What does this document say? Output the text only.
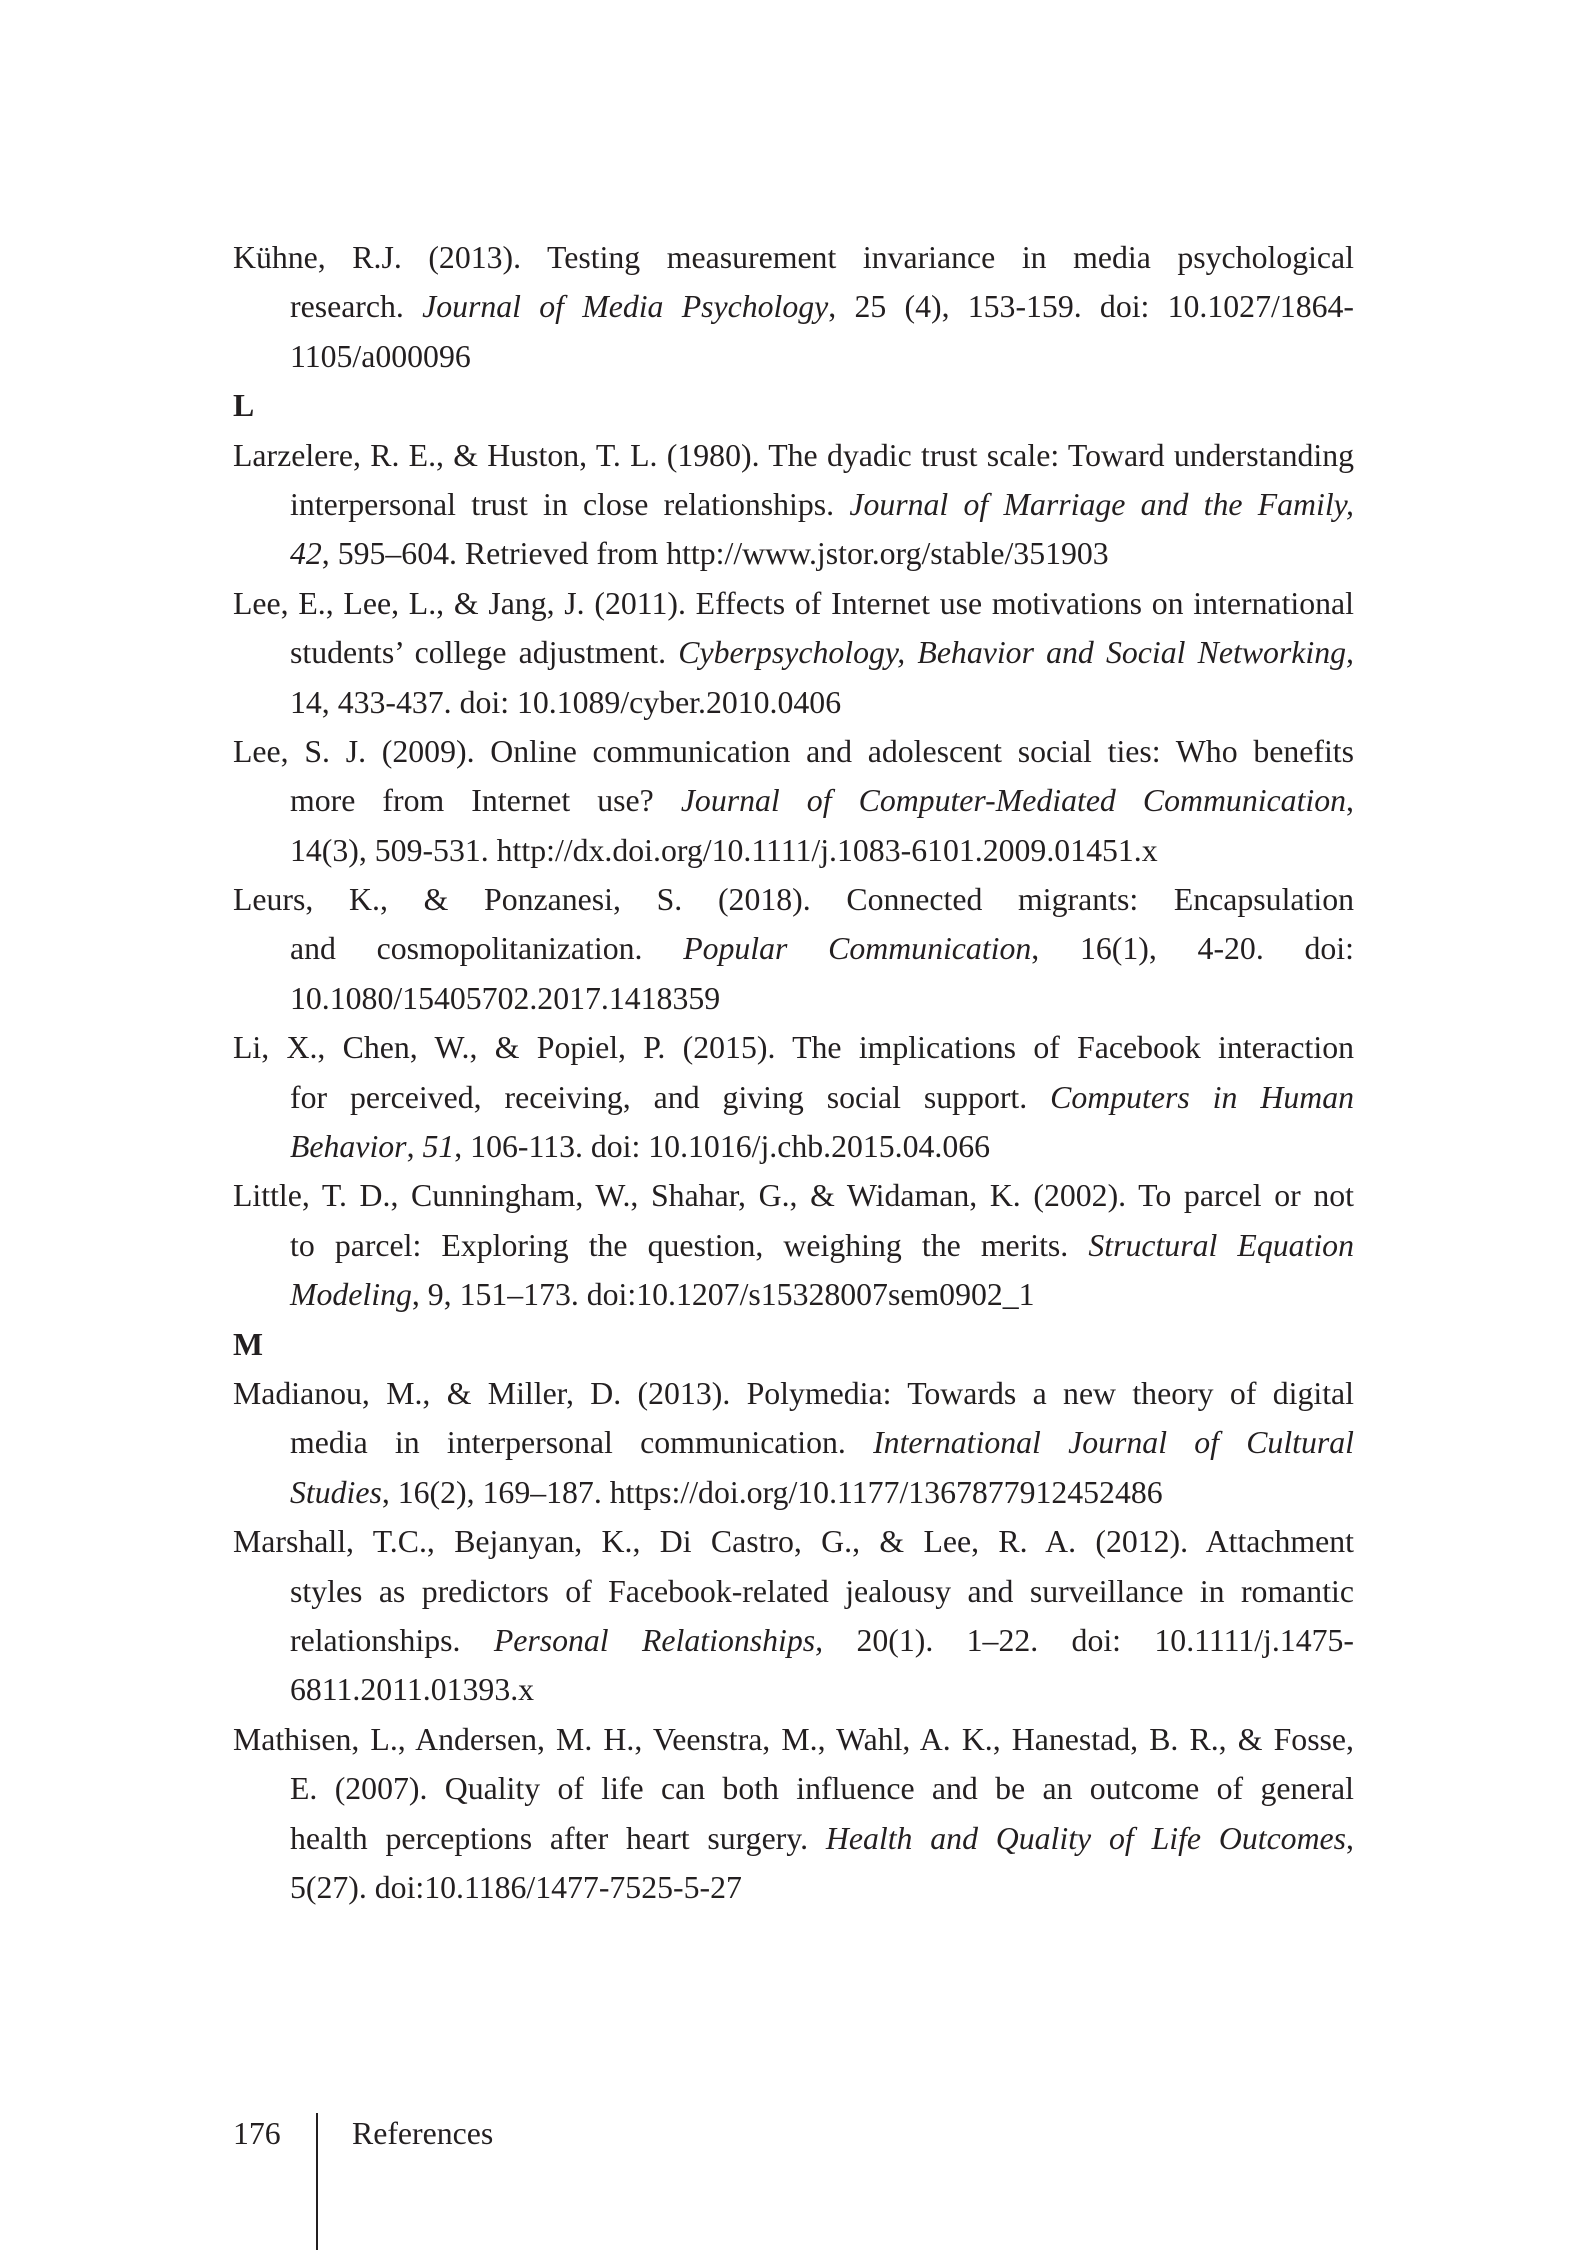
Kühne, R.J. (2013). Testing measurement invariance in media psychological
research. Journal of Media Psychology, 25 (4), 153-159. doi: 10.1027/1864-
1105/a000096
L
Larzelere, R. E., & Huston, T. L. (1980). The dyadic trust scale: Toward understanding
interpersonal trust in close relationships. Journal of Marriage and the Family,
42, 595–604. Retrieved from http://www.jstor.org/stable/351903
Lee, E., Lee, L., & Jang, J. (2011). Effects of Internet use motivations on international
students’ college adjustment. Cyberpsychology, Behavior and Social Networking,
14, 433-437. doi: 10.1089/cyber.2010.0406
Lee, S. J. (2009). Online communication and adolescent social ties: Who benefits
more from Internet use? Journal of Computer-Mediated Communication,
14(3), 509-531. http://dx.doi.org/10.1111/j.1083-6101.2009.01451.x
Leurs, K., & Ponzanesi, S. (2018). Connected migrants: Encapsulation
and cosmopolitanization. Popular Communication, 16(1), 4-20. doi:
10.1080/15405702.2017.1418359
Li, X., Chen, W., & Popiel, P. (2015). The implications of Facebook interaction
for perceived, receiving, and giving social support. Computers in Human
Behavior, 51, 106-113. doi: 10.1016/j.chb.2015.04.066
Little, T. D., Cunningham, W., Shahar, G., & Widaman, K. (2002). To parcel or not
to parcel: Exploring the question, weighing the merits. Structural Equation
Modeling, 9, 151–173. doi:10.1207/s15328007sem0902_1
M
Madianou, M., & Miller, D. (2013). Polymedia: Towards a new theory of digital
media in interpersonal communication. International Journal of Cultural
Studies, 16(2), 169–187. https://doi.org/10.1177/1367877912452486
Marshall, T.C., Bejanyan, K., Di Castro, G., & Lee, R. A. (2012). Attachment
styles as predictors of Facebook-related jealousy and surveillance in romantic
relationships. Personal Relationships, 20(1). 1–22. doi: 10.1111/j.1475-
6811.2011.01393.x
Mathisen, L., Andersen, M. H., Veenstra, M., Wahl, A. K., Hanestad, B. R., & Fosse,
E. (2007). Quality of life can both influence and be an outcome of general
health perceptions after heart surgery. Health and Quality of Life Outcomes,
5(27). doi:10.1186/1477-7525-5-27
176 References
